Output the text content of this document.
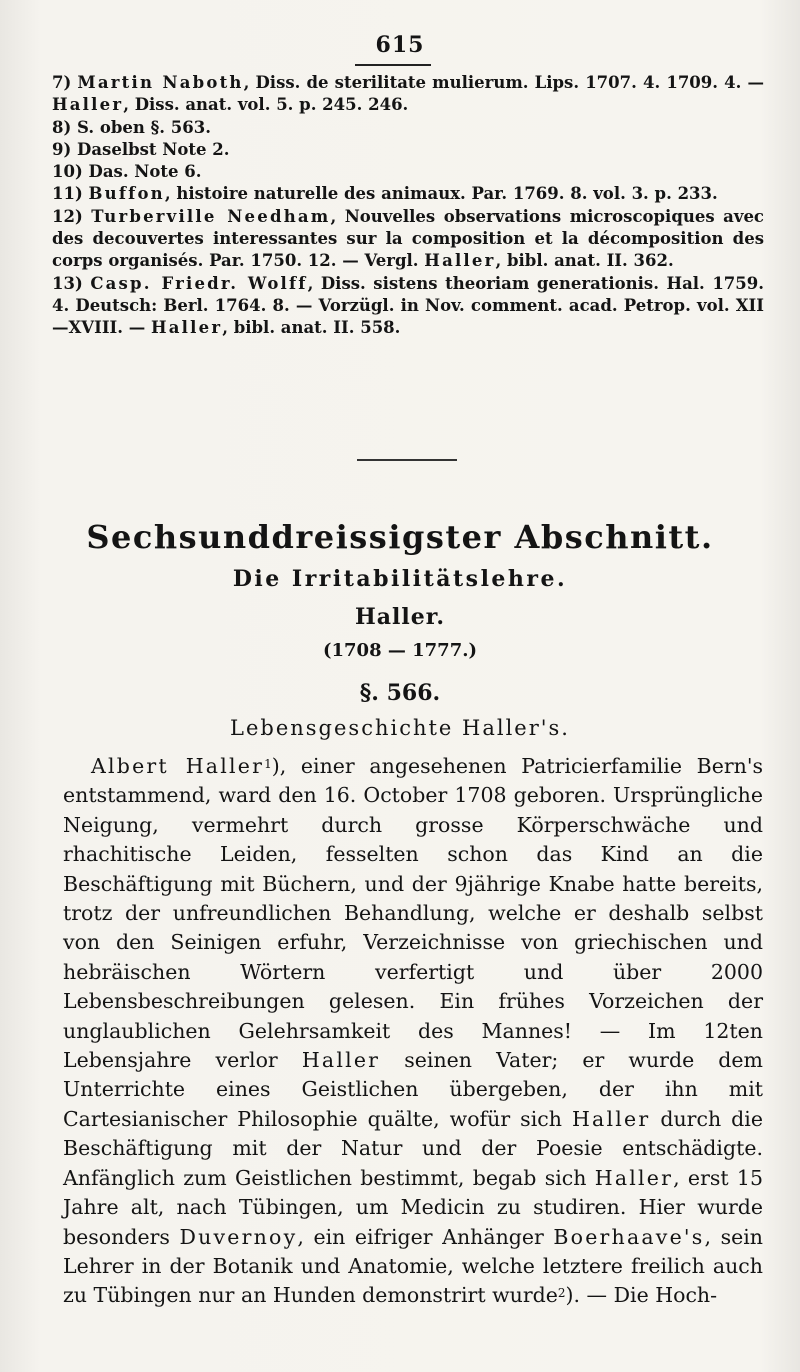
615

7) Martin Naboth, Diss. de sterilitate mulierum. Lips. 1707. 4. 1709. 4. — Haller, Diss. anat. vol. 5. p. 245. 246.

8) S. oben §. 563.

9) Daselbst Note 2.

10) Das. Note 6.

11) Buffon, histoire naturelle des animaux. Par. 1769. 8. vol. 3. p. 233.

12) Turberville Needham, Nouvelles observations microscopiques avec des decouvertes interessantes sur la composition et la décomposition des corps organisés. Par. 1750. 12. — Vergl. Haller, bibl. anat. II. 362.

13) Casp. Friedr. Wolff, Diss. sistens theoriam generationis. Hal. 1759. 4. Deutsch: Berl. 1764. 8. — Vorzügl. in Nov. comment. acad. Petrop. vol. XII —XVIII. — Haller, bibl. anat. II. 558.

Sechsunddreissigster Abschnitt.
Die Irritabilitätslehre.
Haller.
(1708 — 1777.)
§. 566.
Lebensgeschichte Haller's.

Albert Haller$^1$), einer angesehenen Patricierfamilie Bern's entstammend, ward den 16. October 1708 geboren. Ursprüngliche Neigung, vermehrt durch grosse Körperschwäche und rhachitische Leiden, fesselten schon das Kind an die Beschäftigung mit Büchern, und der 9jährige Knabe hatte bereits, trotz der unfreundlichen Behandlung, welche er deshalb selbst von den Seinigen erfuhr, Verzeichnisse von griechischen und hebräischen Wörtern verfertigt und über 2000 Lebensbeschreibungen gelesen. Ein frühes Vorzeichen der unglaublichen Gelehrsamkeit des Mannes! — Im 12ten Lebensjahre verlor Haller seinen Vater; er wurde dem Unterrichte eines Geistlichen übergeben, der ihn mit Cartesianischer Philosophie quälte, wofür sich Haller durch die Beschäftigung mit der Natur und der Poesie entschädigte. Anfänglich zum Geistlichen bestimmt, begab sich Haller, erst 15 Jahre alt, nach Tübingen, um Medicin zu studiren. Hier wurde besonders Duvernoy, ein eifriger Anhänger Boerhaave's, sein Lehrer in der Botanik und Anatomie, welche letztere freilich auch zu Tübingen nur an Hunden demonstrirt wurde$^2$). — Die Hoch-
